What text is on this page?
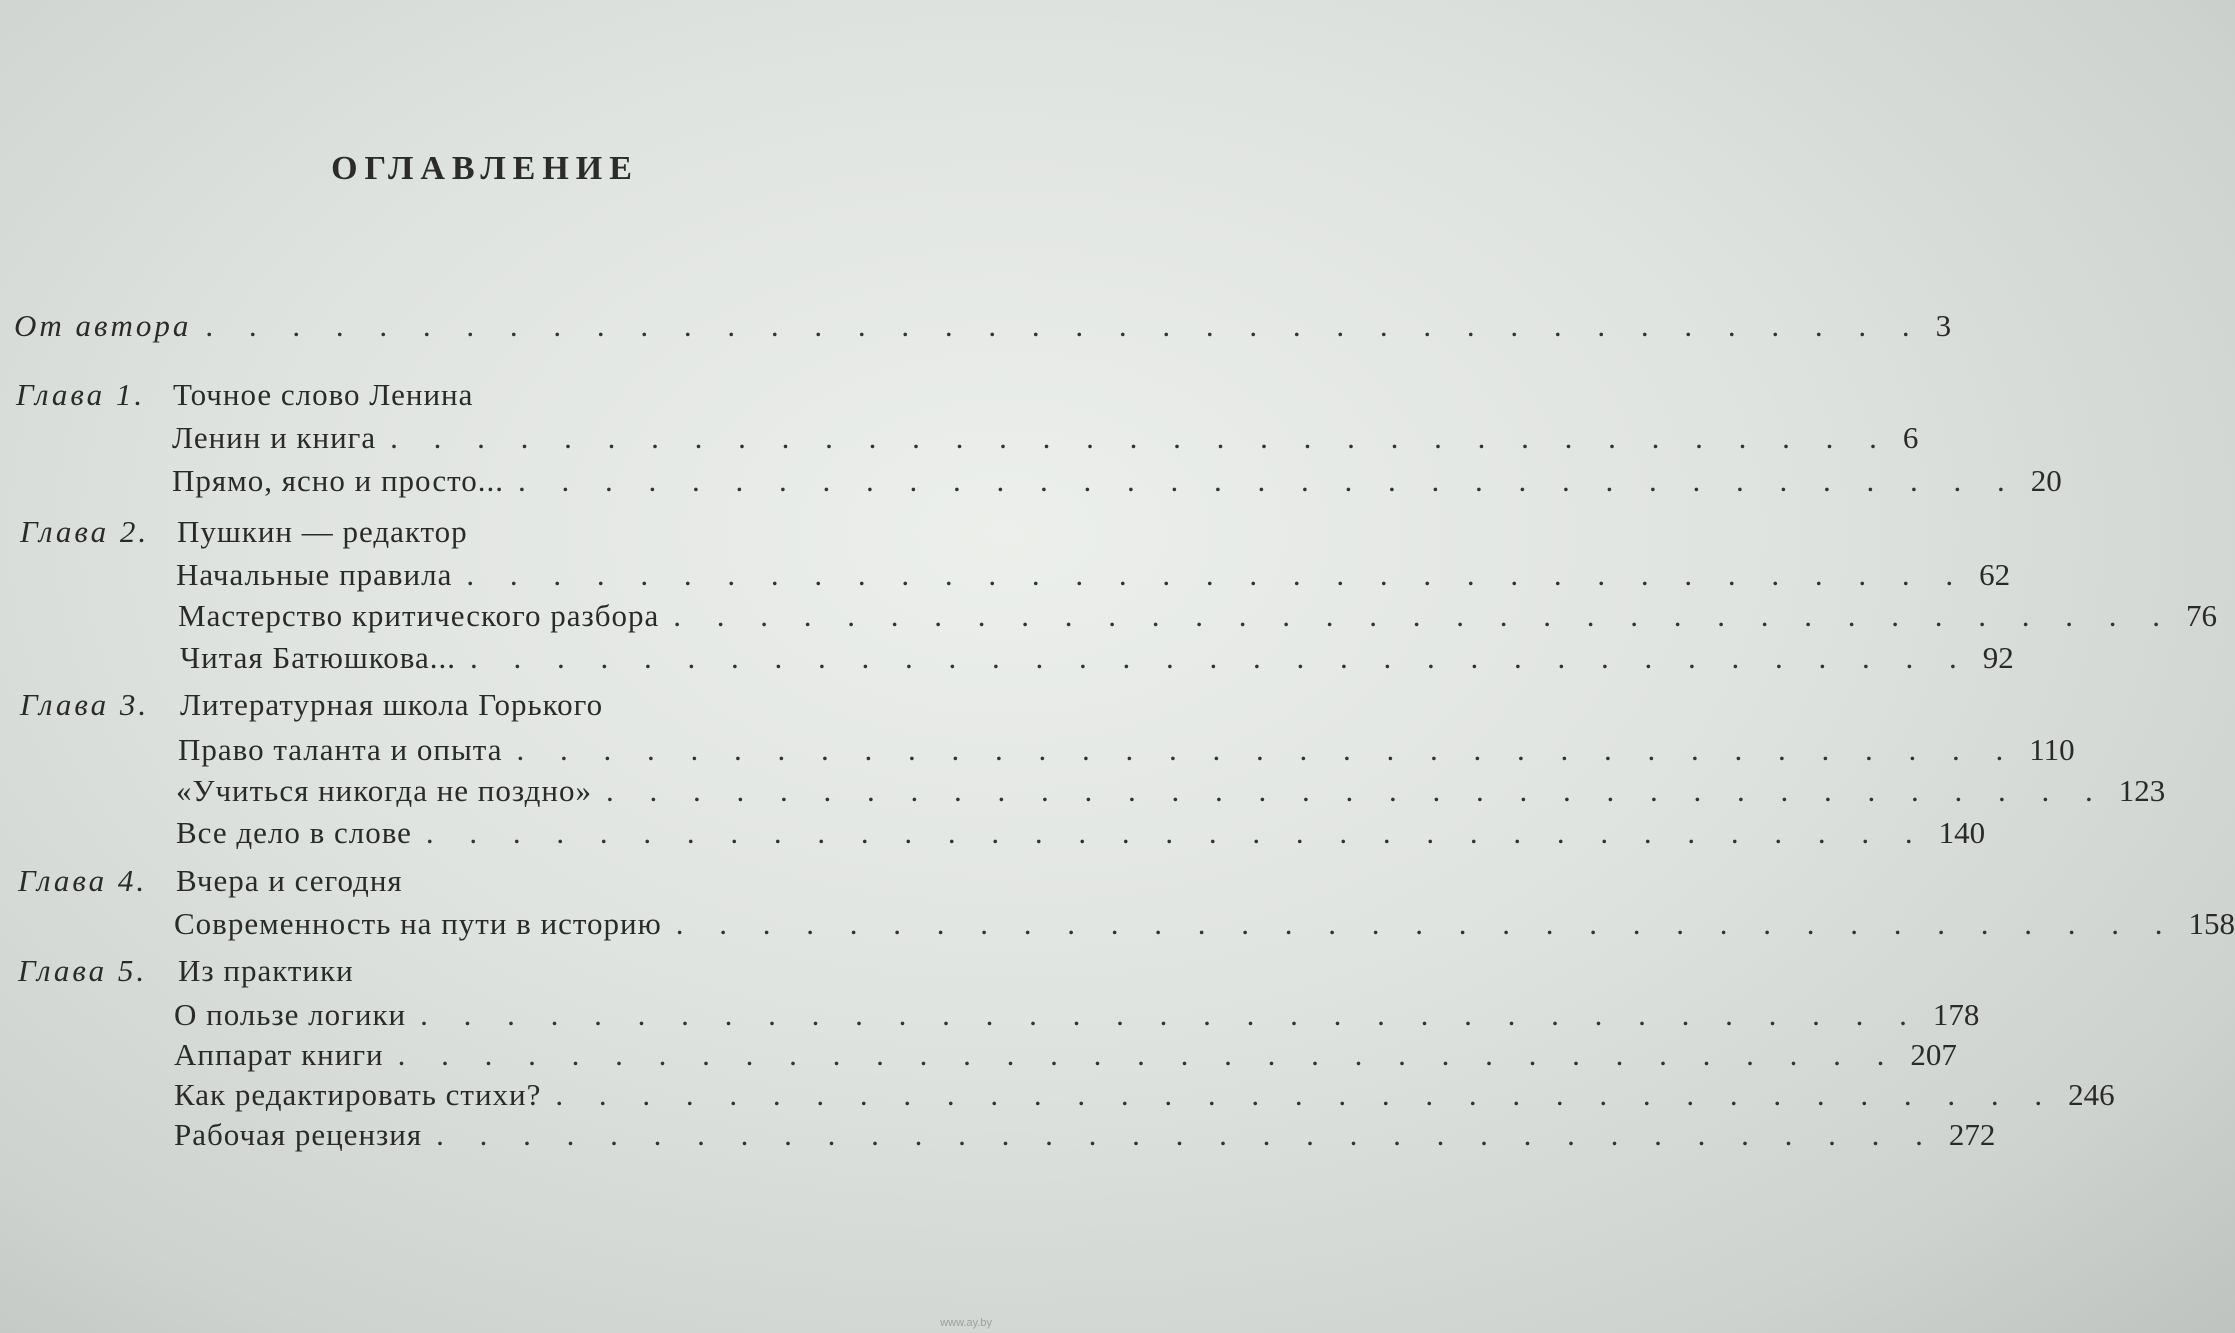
ОГЛАВЛЕНИЕ
От автора . . . . . . . . . . . . . . . . . . . . . . . . . . . . . . . . . . . . . . . . 3
Глава 1. Точное слово Ленина
Ленин и книга . . . . . . . . . . . . . . . . . . . . . . . . . . . . . . . . . . . 6
Прямо, ясно и просто... . . . . . . . . . . . . . . . . . . . . . . . . . . . . . . . . . . . 20
Глава 2. Пушкин — редактор
Начальные правила . . . . . . . . . . . . . . . . . . . . . . . . . . . . . . . . . . . 62
Мастерство критического разбора . . . . . . . . . . . . . . . . . . . . . . . . . . . . . . . . . . . 76
Читая Батюшкова... . . . . . . . . . . . . . . . . . . . . . . . . . . . . . . . . . . . 92
Глава 3. Литературная школа Горького
Право таланта и опыта . . . . . . . . . . . . . . . . . . . . . . . . . . . . . . . . . . . 110
«Учиться никогда не поздно» . . . . . . . . . . . . . . . . . . . . . . . . . . . . . . . . . . . 123
Все дело в слове . . . . . . . . . . . . . . . . . . . . . . . . . . . . . . . . . . . 140
Глава 4. Вчера и сегодня
Современность на пути в историю . . . . . . . . . . . . . . . . . . . . . . . . . . . . . . . . . . . 158
Глава 5. Из практики
О пользе логики . . . . . . . . . . . . . . . . . . . . . . . . . . . . . . . . . . . 178
Аппарат книги . . . . . . . . . . . . . . . . . . . . . . . . . . . . . . . . . . . 207
Как редактировать стихи? . . . . . . . . . . . . . . . . . . . . . . . . . . . . . . . . . . . 246
Рабочая рецензия . . . . . . . . . . . . . . . . . . . . . . . . . . . . . . . . . . . 272
www.ay.by
